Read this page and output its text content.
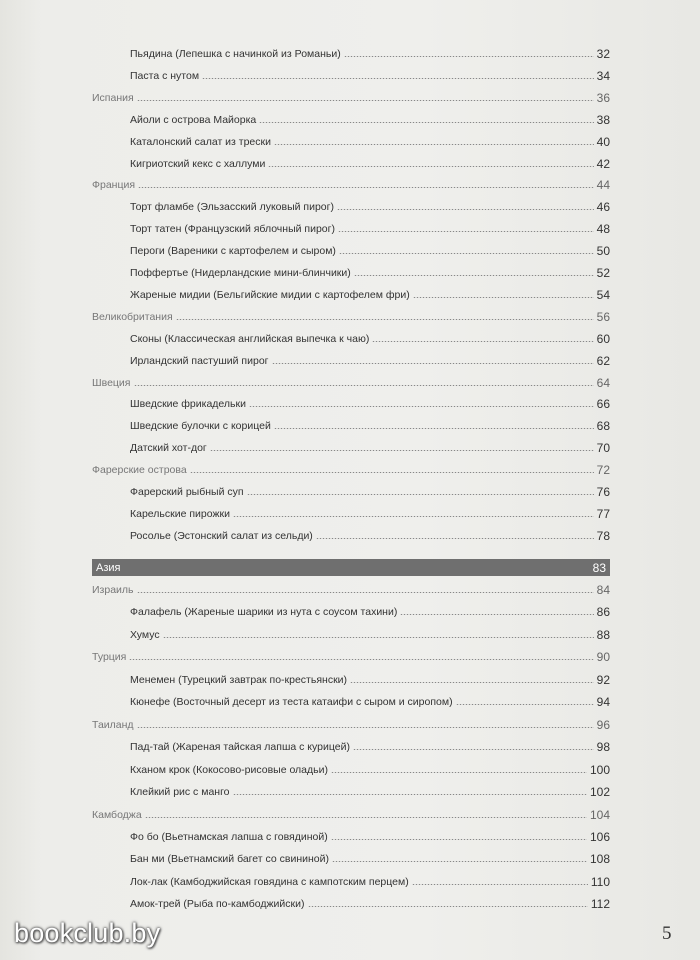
Пьядина (Лепешка с начинкой из Романьи)	32
Паста с нутом	34
Испания	36
Айоли с острова Майорка	38
Каталонский салат из трески	40
Кигриотский кекс с халлуми	42
Франция	44
Торт фламбе (Эльзасский луковый пирог)	46
Торт татен (Французский яблочный пирог)	48
Пероги (Вареники с картофелем и сыром)	50
Поффертье (Нидерландские мини-блинчики)	52
Жареные мидии (Бельгийские мидии с картофелем фри)	54
Великобритания	56
Сконы (Классическая английская выпечка к чаю)	60
Ирландский пастуший пирог	62
Швеция	64
Шведские фрикадельки	66
Шведские булочки с корицей	68
Датский хот-дог	70
Фарерские острова	72
Фарерский рыбный суп	76
Карельские пирожки	77
Росолье (Эстонский салат из сельди)	78
Азия	83
Израиль	84
Фалафель (Жареные шарики из нута с соусом тахини)	86
Хумус	88
Турция	90
Менемен (Турецкий завтрак по-крестьянски)	92
Кюнефе (Восточный десерт из теста катаифи с сыром и сиропом)	94
Таиланд	96
Пад-тай (Жареная тайская лапша с курицей)	98
Кханом крок (Кокосово-рисовые оладьи)	100
Клейкий рис с манго	102
Камбоджа	104
Фо бо (Вьетнамская лапша с говядиной)	106
Бан ми (Вьетнамский багет со свининой)	108
Лок-лак (Камбоджийская говядина с кампотским перцем)	110
Амок-трей (Рыба по-камбоджийски)	112
bookclub.by	5
